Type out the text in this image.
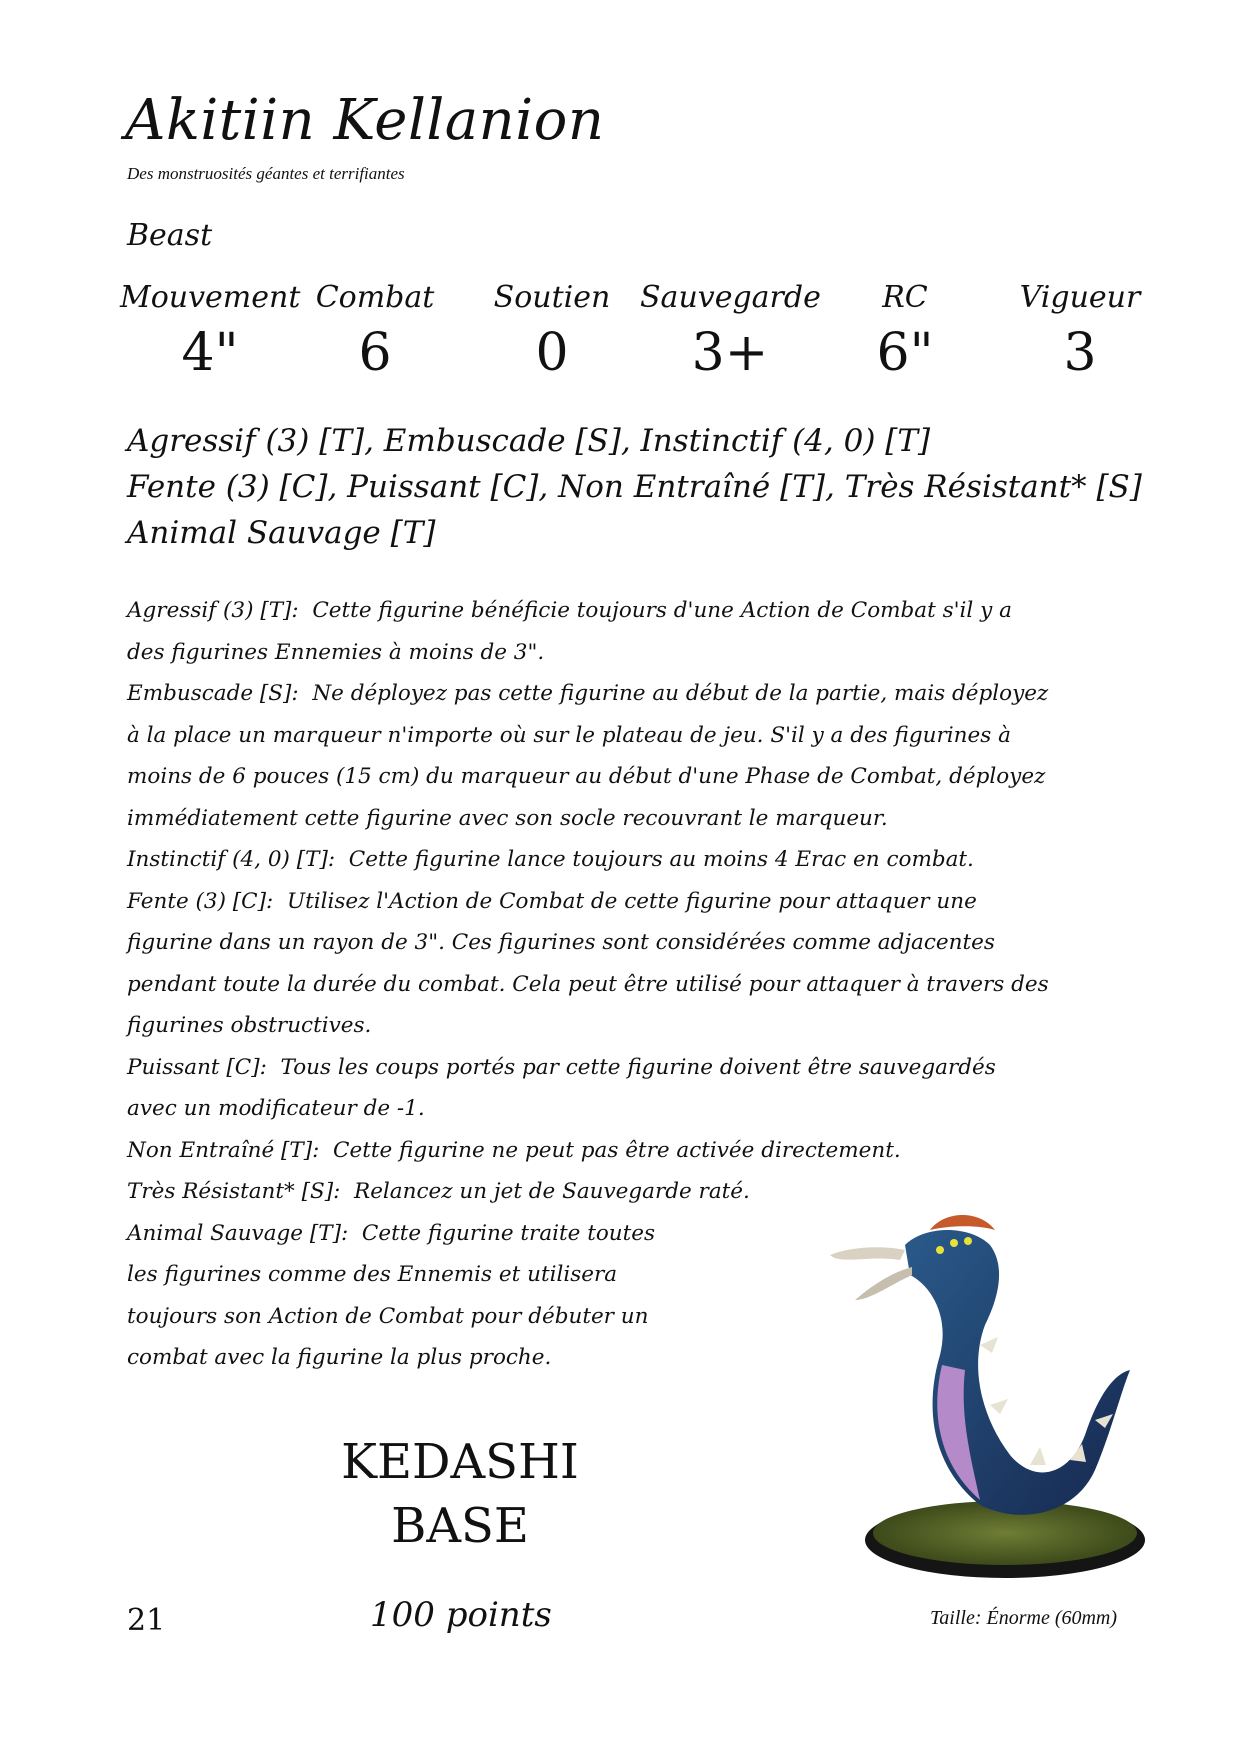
Akitiin Kellanion
Des monstruosités géantes et terrifiantes
Beast
Mouvement
4"
Combat
6
Soutien
0
Sauvegarde
3+
RC
6"
Vigueur
3
Agressif (3) [T], Embuscade [S], Instinctif (4, 0) [T]
Fente (3) [C], Puissant [C], Non Entraîné [T], Très Résistant* [S]
Animal Sauvage [T]
Agressif (3) [T]: Cette figurine bénéficie toujours d'une Action de Combat s'il y a
des figurines Ennemies à moins de 3".
Embuscade [S]: Ne déployez pas cette figurine au début de la partie, mais déployez
à la place un marqueur n'importe où sur le plateau de jeu. S'il y a des figurines à
moins de 6 pouces (15 cm) du marqueur au début d'une Phase de Combat, déployez
immédiatement cette figurine avec son socle recouvrant le marqueur.
Instinctif (4, 0) [T]: Cette figurine lance toujours au moins 4 Erac en combat.
Fente (3) [C]: Utilisez l'Action de Combat de cette figurine pour attaquer une
figurine dans un rayon de 3". Ces figurines sont considérées comme adjacentes
pendant toute la durée du combat. Cela peut être utilisé pour attaquer à travers des
figurines obstructives.
Puissant [C]: Tous les coups portés par cette figurine doivent être sauvegardés
avec un modificateur de -1.
Non Entraîné [T]: Cette figurine ne peut pas être activée directement.
Très Résistant* [S]: Relancez un jet de Sauvegarde raté.
Animal Sauvage [T]: Cette figurine traite toutes
les figurines comme des Ennemis et utilisera
toujours son Action de Combat pour débuter un
combat avec la figurine la plus proche.
KEDASHI
BASE
21	100 points	Taille: Énorme (60mm)
